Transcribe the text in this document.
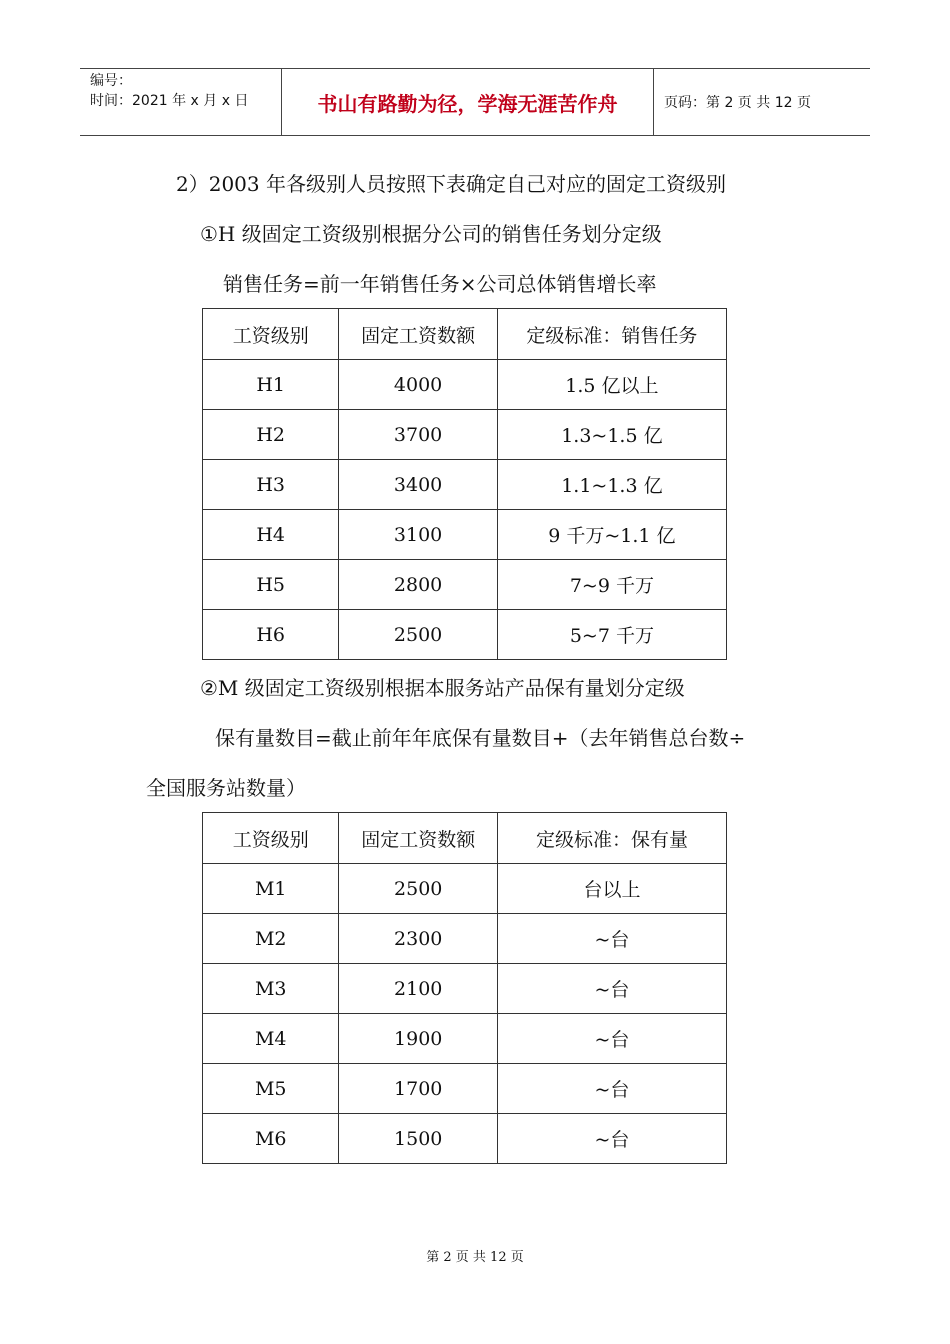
编号：
时间：2021 年 x 月 x 日	书山有路勤为径，学海无涯苦作舟	页码：第 2 页 共 12 页
2）2003 年各级别人员按照下表确定自己对应的固定工资级别
①H 级固定工资级别根据分公司的销售任务划分定级
销售任务=前一年销售任务×公司总体销售增长率
工资级别	固定工资数额	定级标准：销售任务
H1	4000	1.5 亿以上
H2	3700	1.3~1.5 亿
H3	3400	1.1~1.3 亿
H4	3100	9 千万~1.1 亿
H5	2800	7~9 千万
H6	2500	5~7 千万
②M 级固定工资级别根据本服务站产品保有量划分定级
保有量数目=截止前年年底保有量数目+（去年销售总台数÷
全国服务站数量）
工资级别	固定工资数额	定级标准：保有量
M1	2500	台以上
M2	2300	~台
M3	2100	~台
M4	1900	~台
M5	1700	~台
M6	1500	~台
第 2 页 共 12 页
